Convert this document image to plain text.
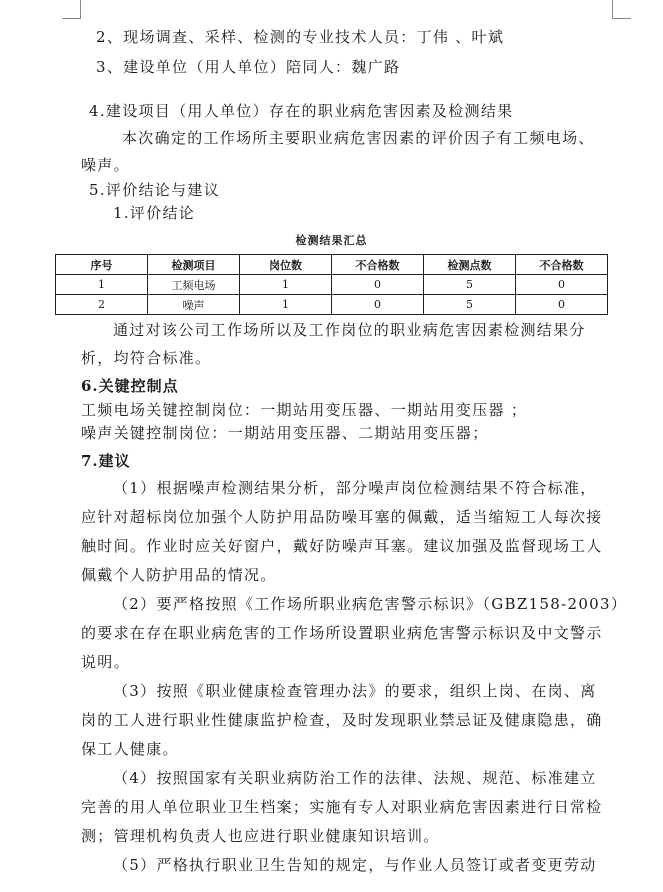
2、现场调查、采样、检测的专业技术人员：丁伟 、叶斌
3、建设单位（用人单位）陪同人：魏广路
4.建设项目（用人单位）存在的职业病危害因素及检测结果
本次确定的工作场所主要职业病危害因素的评价因子有工频电场、
噪声。
5.评价结论与建议
1.评价结论
检测结果汇总
序号	检测项目	岗位数	不合格数	检测点数	不合格数
1	工频电场	1	0	5	0
2	噪声	1	0	5	0
通过对该公司工作场所以及工作岗位的职业病危害因素检测结果分
析，均符合标准。
6.关键控制点
工频电场关键控制岗位：一期站用变压器、一期站用变压器 ；
噪声关键控制岗位：一期站用变压器、二期站用变压器；
7.建议
（1）根据噪声检测结果分析，部分噪声岗位检测结果不符合标准，
应针对超标岗位加强个人防护用品防噪耳塞的佩戴，适当缩短工人每次接
触时间。作业时应关好窗户，戴好防噪声耳塞。建议加强及监督现场工人
佩戴个人防护用品的情况。
（2）要严格按照《工作场所职业病危害警示标识》（GBZ158-2003）
的要求在存在职业病危害的工作场所设置职业病危害警示标识及中文警示
说明。
（3）按照《职业健康检查管理办法》的要求，组织上岗、在岗、离
岗的工人进行职业性健康监护检查，及时发现职业禁忌证及健康隐患，确
保工人健康。
（4）按照国家有关职业病防治工作的法律、法规、规范、标准建立
完善的用人单位职业卫生档案；实施有专人对职业病危害因素进行日常检
测；管理机构负责人也应进行职业健康知识培训。
（5）严格执行职业卫生告知的规定，与作业人员签订或者变更劳动
